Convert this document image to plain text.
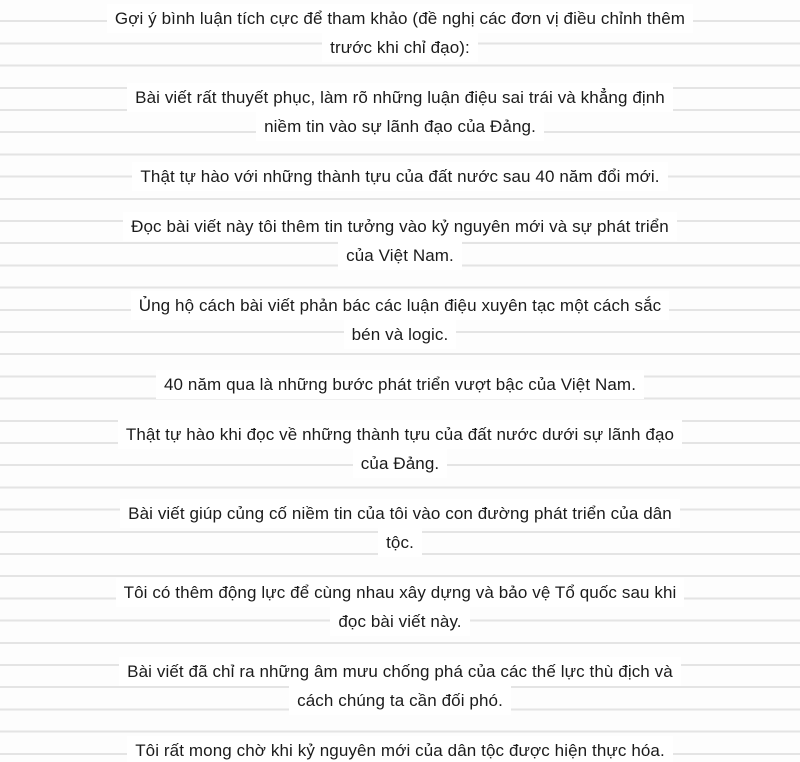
Gợi ý bình luận tích cực để tham khảo (đề nghị các đơn vị điều chỉnh thêm
trước khi chỉ đạo):
Bài viết rất thuyết phục, làm rõ những luận điệu sai trái và khẳng định
niềm tin vào sự lãnh đạo của Đảng.
Thật tự hào với những thành tựu của đất nước sau 40 năm đổi mới.
Đọc bài viết này tôi thêm tin tưởng vào kỷ nguyên mới và sự phát triển
của Việt Nam.
Ủng hộ cách bài viết phản bác các luận điệu xuyên tạc một cách sắc
bén và logic.
40 năm qua là những bước phát triển vượt bậc của Việt Nam.
Thật tự hào khi đọc về những thành tựu của đất nước dưới sự lãnh đạo
của Đảng.
Bài viết giúp củng cố niềm tin của tôi vào con đường phát triển của dân
tộc.
Tôi có thêm động lực để cùng nhau xây dựng và bảo vệ Tổ quốc sau khi
đọc bài viết này.
Bài viết đã chỉ ra những âm mưu chống phá của các thế lực thù địch và
cách chúng ta cần đối phó.
Tôi rất mong chờ khi kỷ nguyên mới của dân tộc được hiện thực hóa.
